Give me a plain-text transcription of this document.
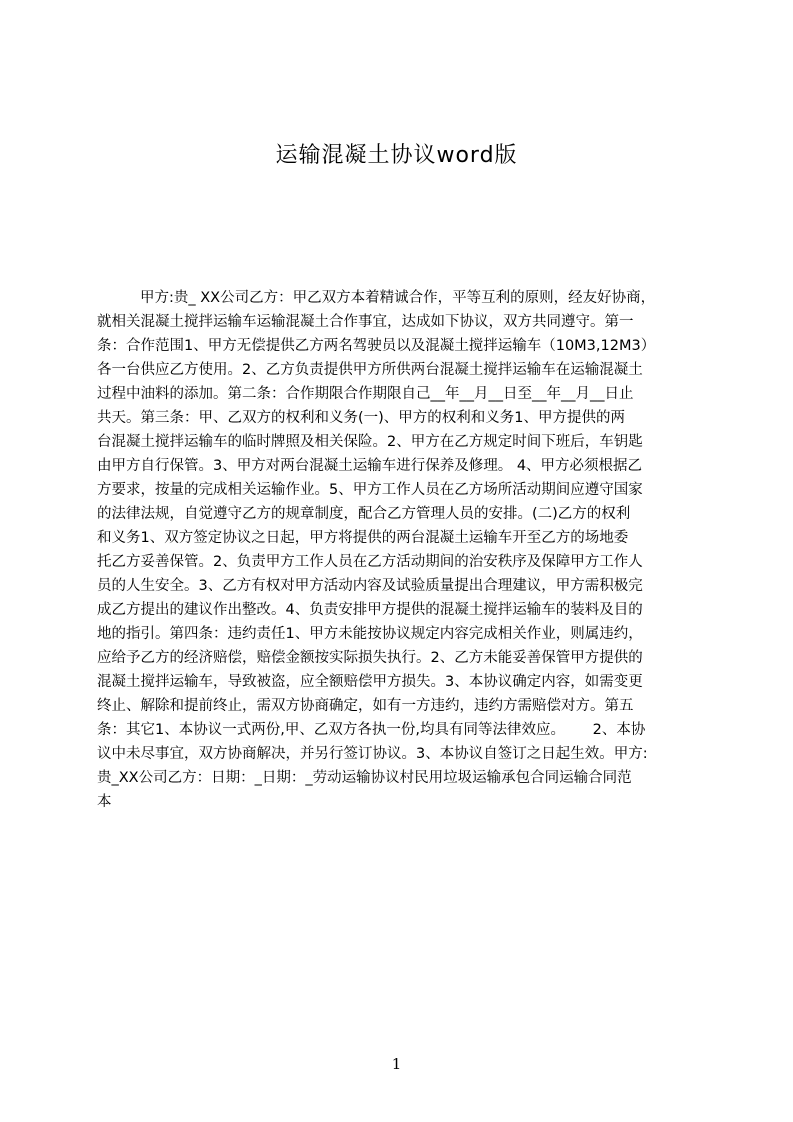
运输混凝土协议word版
甲方:贵_ XX公司乙方：甲乙双方本着精诚合作，平等互利的原则，经友好协商，
就相关混凝土搅拌运输车运输混凝土合作事宜，达成如下协议，双方共同遵守。第一
条：合作范围1、甲方无偿提供乙方两名驾驶员以及混凝土搅拌运输车（10M3,12M3）
各一台供应乙方使用。2、乙方负责提供甲方所供两台混凝土搅拌运输车在运输混凝土
过程中油料的添加。第二条：合作期限合作期限自己__年__月__日至__年__月__日止
共天。第三条：甲、乙双方的权利和义务(一)、甲方的权利和义务1、甲方提供的两
台混凝土搅拌运输车的临时牌照及相关保险。2、甲方在乙方规定时间下班后，车钥匙
由甲方自行保管。3、甲方对两台混凝土运输车进行保养及修理。 4、甲方必须根据乙
方要求，按量的完成相关运输作业。5、甲方工作人员在乙方场所活动期间应遵守国家
的法律法规，自觉遵守乙方的规章制度，配合乙方管理人员的安排。(二)乙方的权利
和义务1、双方签定协议之日起，甲方将提供的两台混凝土运输车开至乙方的场地委
托乙方妥善保管。2、负责甲方工作人员在乙方活动期间的治安秩序及保障甲方工作人
员的人生安全。3、乙方有权对甲方活动内容及试验质量提出合理建议，甲方需积极完
成乙方提出的建议作出整改。4、负责安排甲方提供的混凝土搅拌运输车的装料及目的
地的指引。第四条：违约责任1、甲方未能按协议规定内容完成相关作业，则属违约，
应给予乙方的经济赔偿，赔偿金额按实际损失执行。2、乙方未能妥善保管甲方提供的
混凝土搅拌运输车，导致被盗，应全额赔偿甲方损失。3、本协议确定内容，如需变更
终止、解除和提前终止，需双方协商确定，如有一方违约，违约方需赔偿对方。第五
条：其它1、本协议一式两份,甲、乙双方各执一份,均具有同等法律效应。      2、本协
议中未尽事宜，双方协商解决，并另行签订协议。3、本协议自签订之日起生效。甲方:
贵_XX公司乙方：日期：_日期：_劳动运输协议村民用垃圾运输承包合同运输合同范
本
1
